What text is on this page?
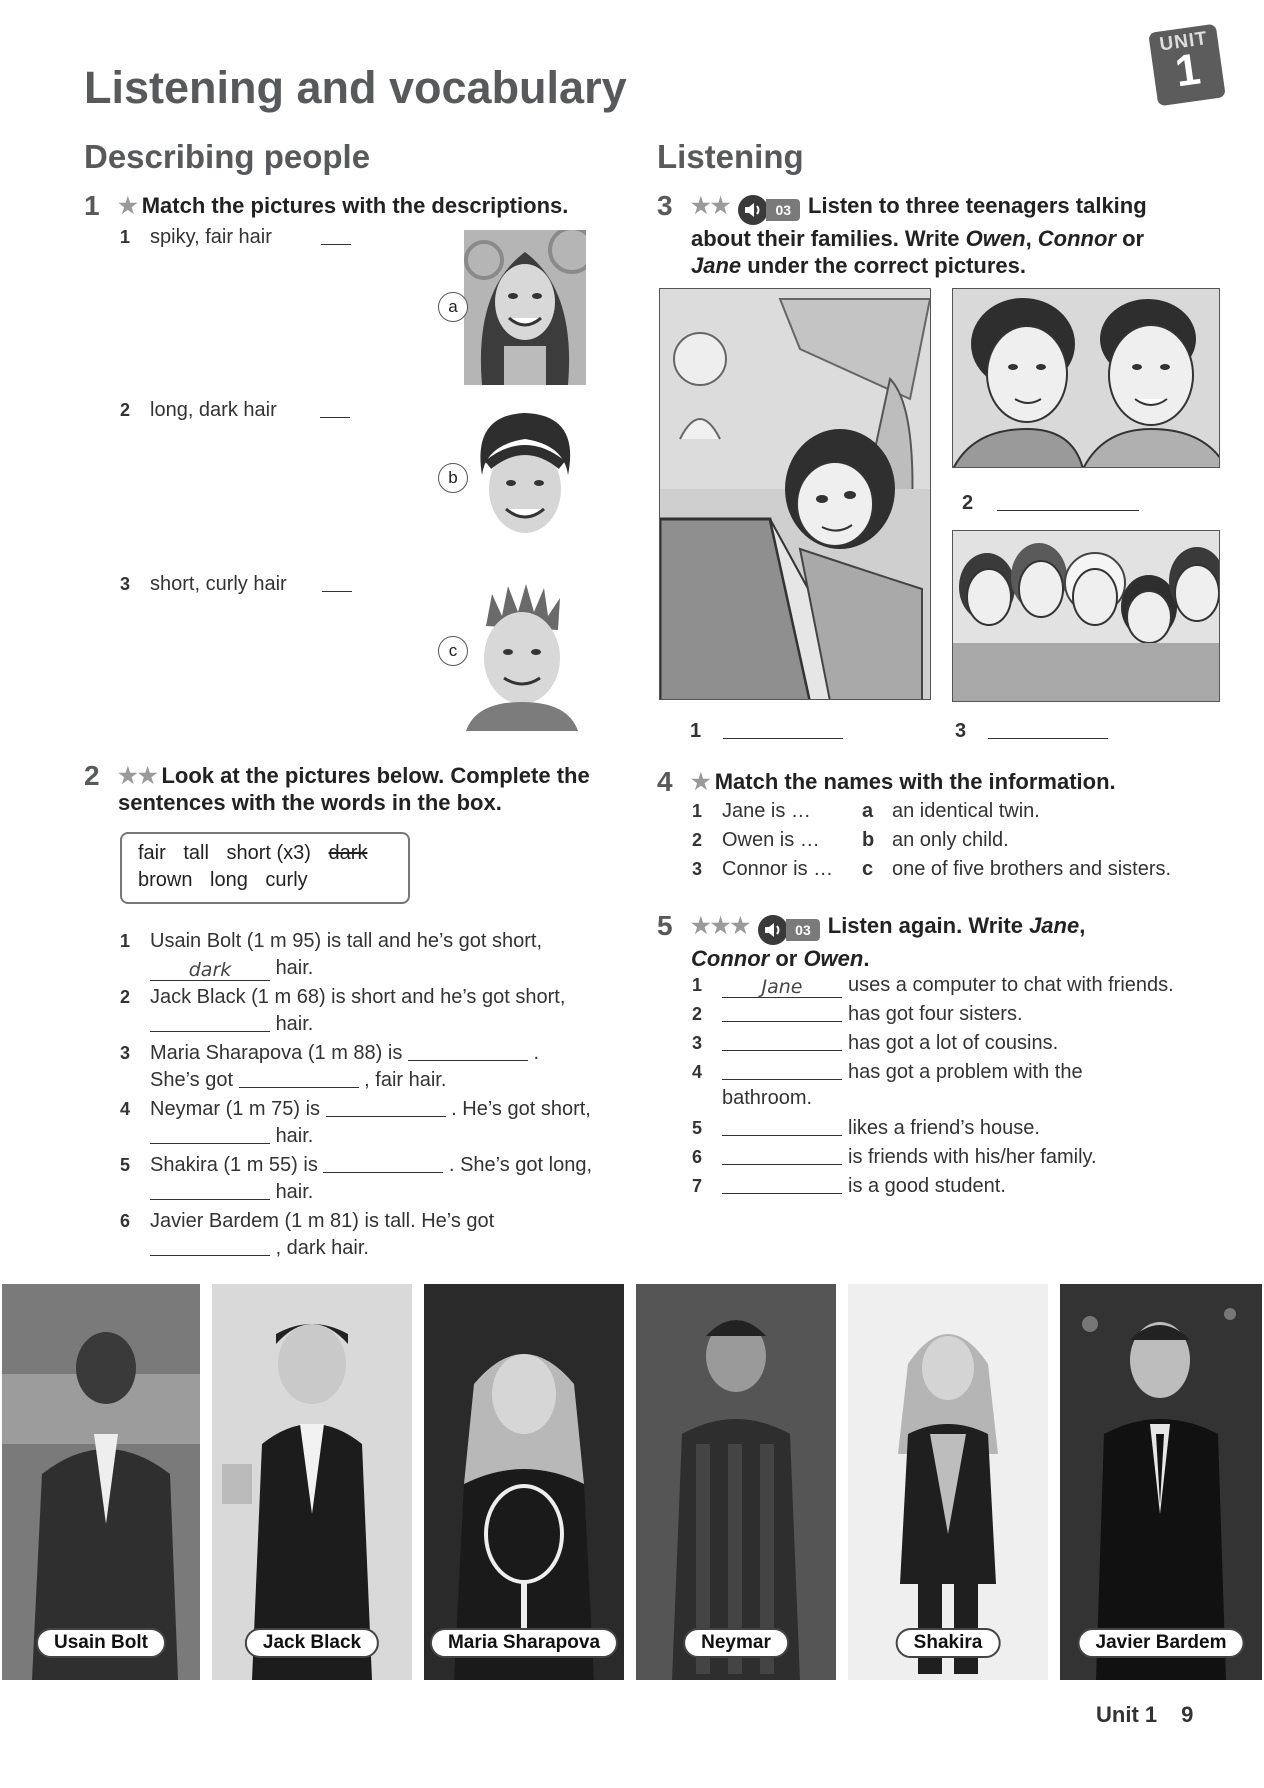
Listening and vocabulary
UNIT
1
Describing people	Listening
1 ★ Match the pictures with the descriptions.
1 spiky, fair hair
2 long, dark hair
3 short, curly hair
a
b
c
2 ★★ Look at the pictures below. Complete the
sentences with the words in the box.
fair tall short (x3) dark
brown long curly
1 Usain Bolt (1 m 95) is tall and he’s got short,
dark hair.
2 Jack Black (1 m 68) is short and he’s got short,
hair.
3 Maria Sharapova (1 m 88) is	.
She’s got	, fair hair.
4 Neymar (1 m 75) is	. He’s got short,
hair.
5 Shakira (1 m 55) is	. She’s got long,
hair.
6 Javier Bardem (1 m 81) is tall. He’s got
, dark hair.
3 ★★	03 Listen to three teenagers talking
about their families. Write Owen, Connor or
Jane under the correct pictures.
2
1	3
4 ★ Match the names with the information.
1 Jane is …	a an identical twin.
2 Owen is … b an only child.
3 Connor is … c one of five brothers and sisters.
5 ★★★	03 Listen again. Write Jane,
Connor or Owen.
1	Jane uses a computer to chat with friends.
2	has got four sisters.
3	has got a lot of cousins.
4	has got a problem with the
bathroom.
5	likes a friend’s house.
6	is friends with his/her family.
7	is a good student.
Usain Bolt	Jack Black	Maria Sharapova	Neymar	Shakira	Javier Bardem
Unit 1 9
